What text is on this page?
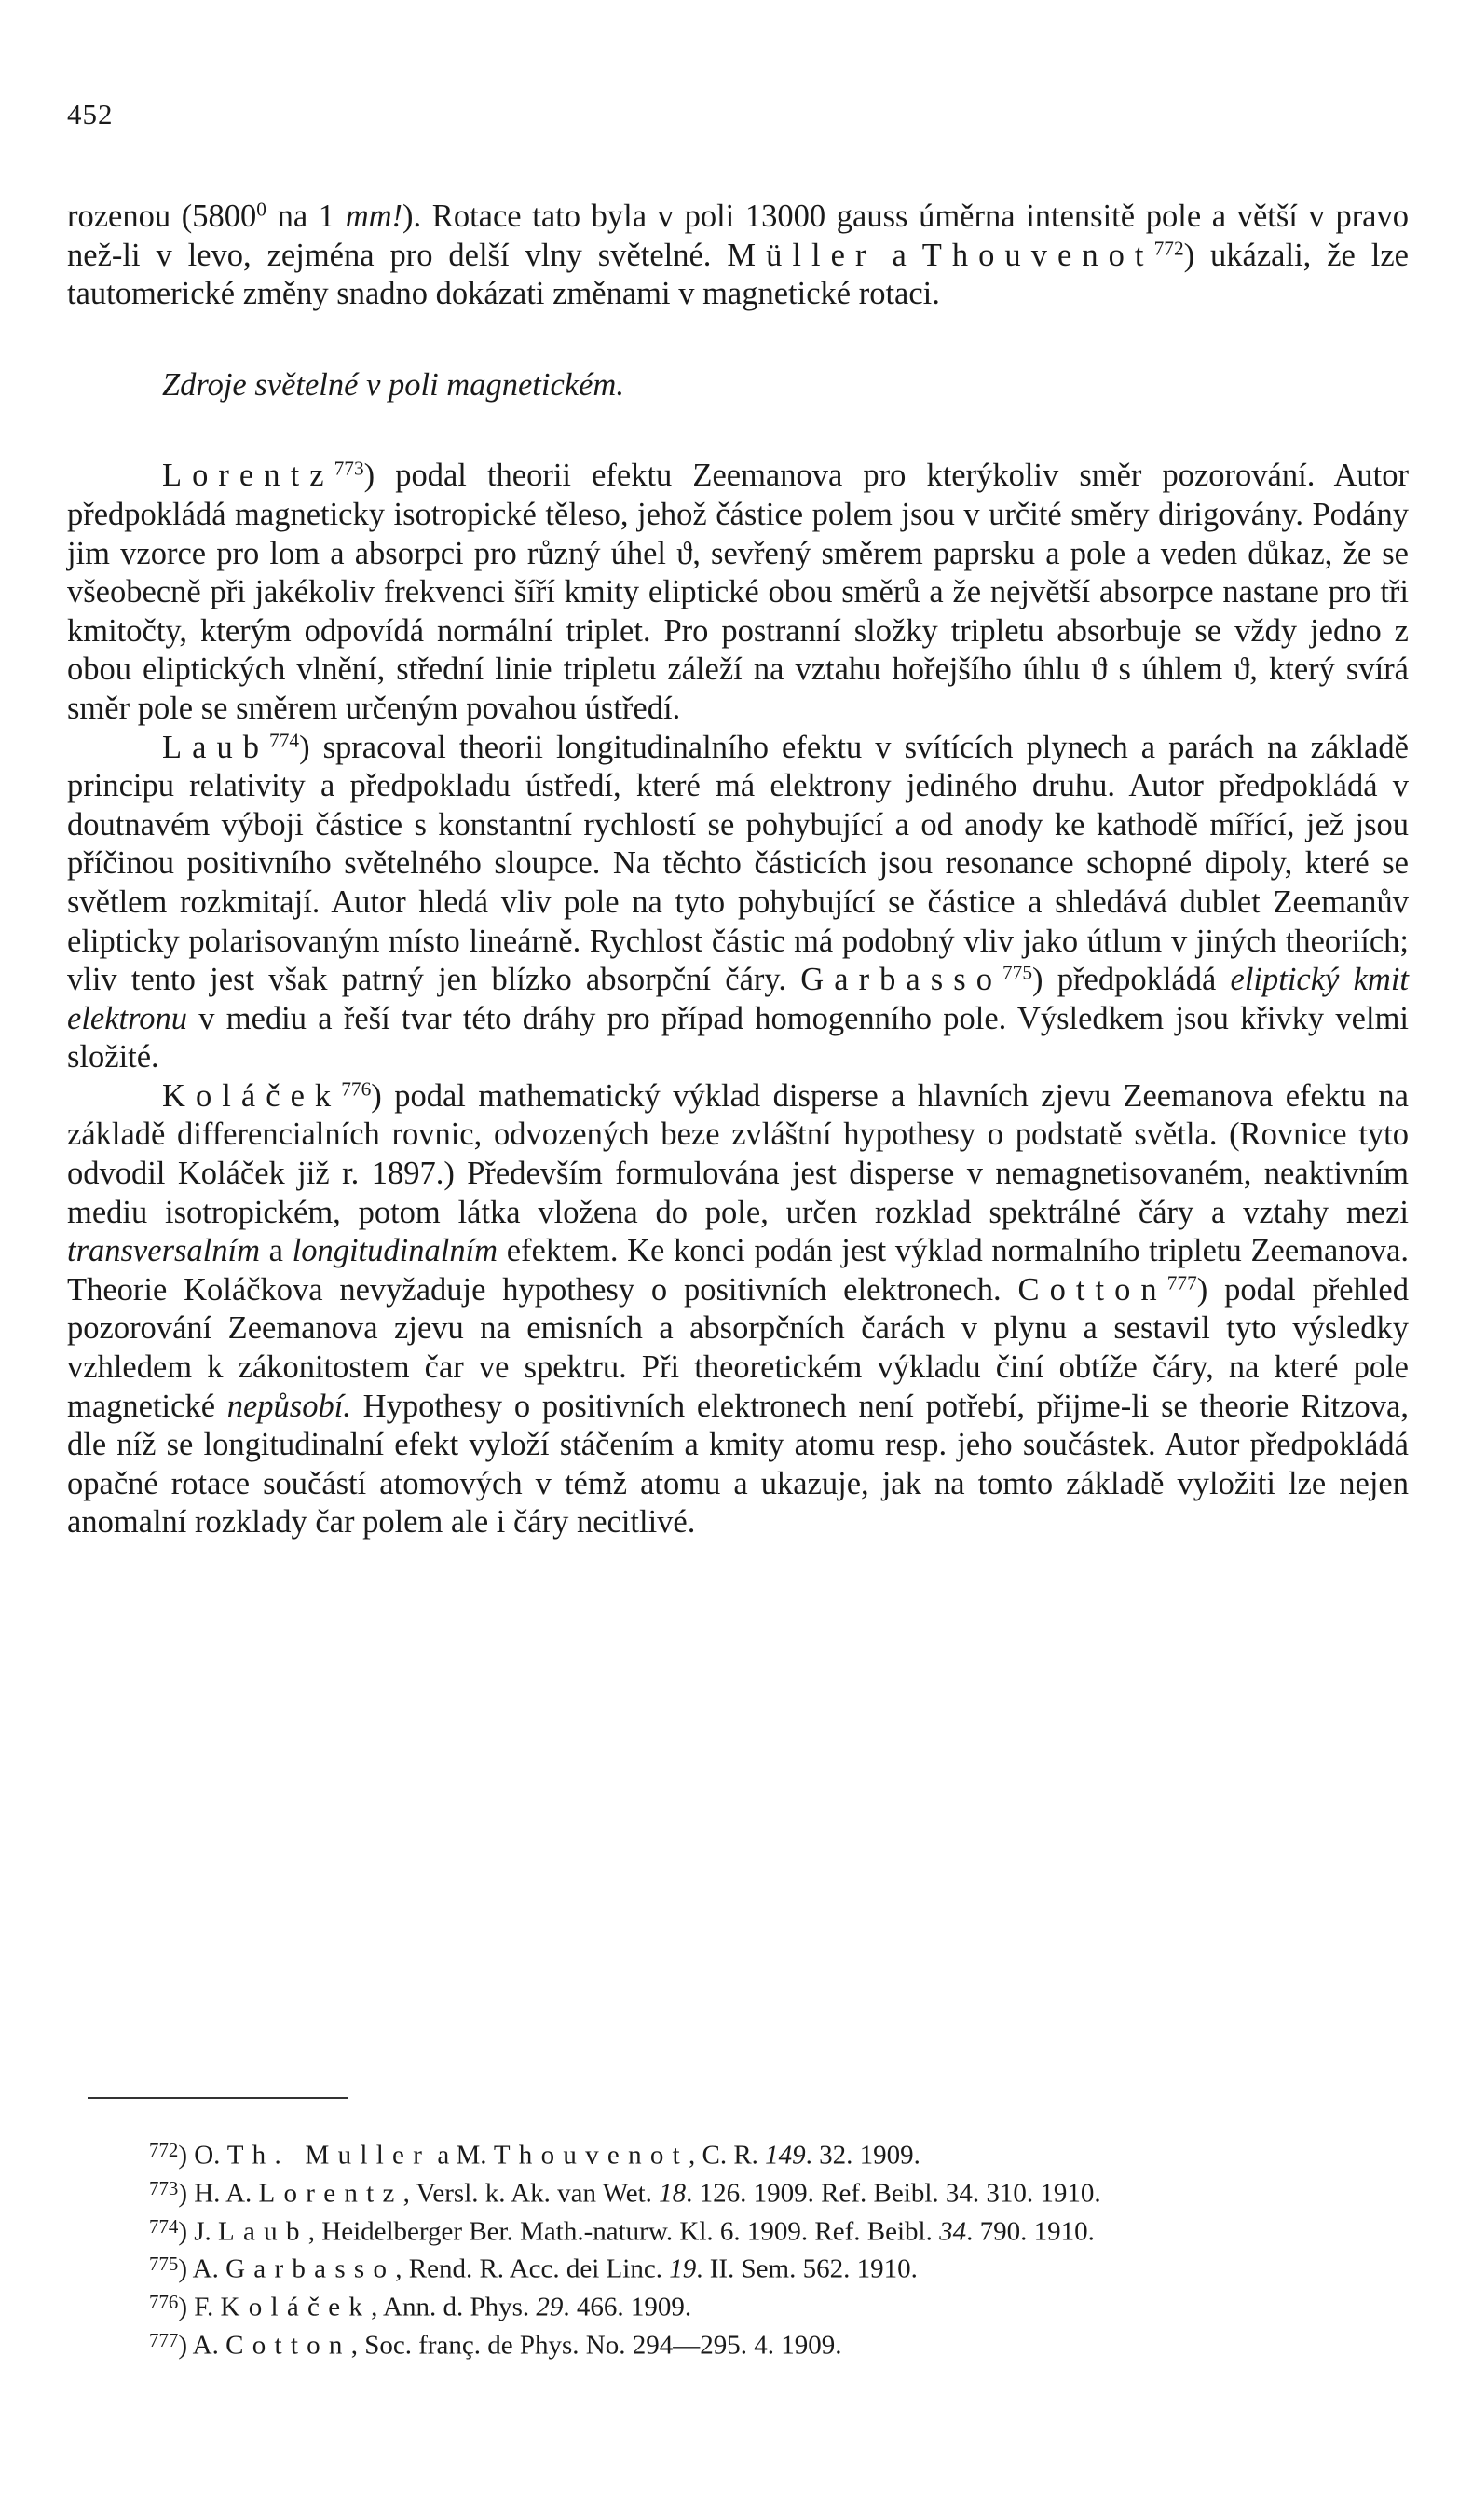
452

rozenou (5800$^0$ na 1 mm!). Rotace tato byla v poli 13000 gauss úměrna intensitě pole a větší v pravo než-li v levo, zejména pro delší vlny světelné. Müller a Thouvenot$^{772}$) ukázali, že lze tautomerické změny snadno dokázati změnami v magnetické rotaci.

Zdroje světelné v poli magnetickém.

Lorentz$^{773}$) podal theorii efektu Zeemanova pro kterýkoliv směr pozorování. Autor předpokládá magneticky isotropické těleso, jehož částice polem jsou v určité směry dirigovány. Podány jim vzorce pro lom a absorpci pro různý úhel ϑ, sevřený směrem paprsku a pole a veden důkaz, že se všeobecně při jakékoliv frekvenci šíří kmity eliptické obou směrů a že největší absorpce nastane pro tři kmitočty, kterým odpovídá normální triplet. Pro postranní složky tripletu absorbuje se vždy jedno z obou eliptických vlnění, střední linie tripletu záleží na vztahu hořejšího úhlu ϑ s úhlem ϑ, který svírá směr pole se směrem určeným povahou ústředí.

Laub$^{774}$) spracoval theorii longitudinalního efektu v svítících plynech a parách na základě principu relativity a předpokladu ústředí, které má elektrony jediného druhu. Autor předpokládá v doutnavém výboji částice s konstantní rychlostí se pohybující a od anody ke kathodě mířící, jež jsou příčinou positivního světelného sloupce. Na těchto částicích jsou resonance schopné dipoly, které se světlem rozkmitají. Autor hledá vliv pole na tyto pohybující se částice a shledává dublet Zeemanův elipticky polarisovaným místo lineárně. Rychlost částic má podobný vliv jako útlum v jiných theoriích; vliv tento jest však patrný jen blízko absorpční čáry. Garbasso$^{775}$) předpokládá eliptický kmit elektronu v mediu a řeší tvar této dráhy pro případ homogenního pole. Výsledkem jsou křivky velmi složité.

Koláček$^{776}$) podal mathematický výklad disperse a hlavních zjevu Zeemanova efektu na základě differencialních rovnic, odvozených beze zvláštní hypothesy o podstatě světla. (Rovnice tyto odvodil Koláček již r. 1897.) Především formulována jest disperse v nemagnetisovaném, neaktivním mediu isotropickém, potom látka vložena do pole, určen rozklad spektrálné čáry a vztahy mezi transversalním a longitudinalním efektem. Ke konci podán jest výklad normalního tripletu Zeemanova. Theorie Koláčkova nevyžaduje hypothesy o positivních elektronech. Cotton$^{777}$) podal přehled pozorování Zeemanova zjevu na emisních a absorpčních čarách v plynu a sestavil tyto výsledky vzhledem k zákonitostem čar ve spektru. Při theoretickém výkladu činí obtíže čáry, na které pole magnetické nepůsobí. Hypothesy o positivních elektronech není potřebí, přijme-li se theorie Ritzova, dle níž se longitudinalní efekt vyloží stáčením a kmity atomu resp. jeho součástek. Autor předpokládá opačné rotace součástí atomových v témž atomu a ukazuje, jak na tomto základě vyložiti lze nejen anomalní rozklady čar polem ale i čáry necitlivé.

$^{772}$) O. Th. Muller a M. Thouvenot, C. R. 149. 32. 1909.

$^{773}$) H. A. Lorentz, Versl. k. Ak. van Wet. 18. 126. 1909. Ref. Beibl. 34. 310. 1910.

$^{774}$) J. Laub, Heidelberger Ber. Math.-naturw. Kl. 6. 1909. Ref. Beibl. 34. 790. 1910.

$^{775}$) A. Garbasso, Rend. R. Acc. dei Linc. 19. II. Sem. 562. 1910.

$^{776}$) F. Koláček, Ann. d. Phys. 29. 466. 1909.

$^{777}$) A. Cotton, Soc. franç. de Phys. No. 294—295. 4. 1909.
